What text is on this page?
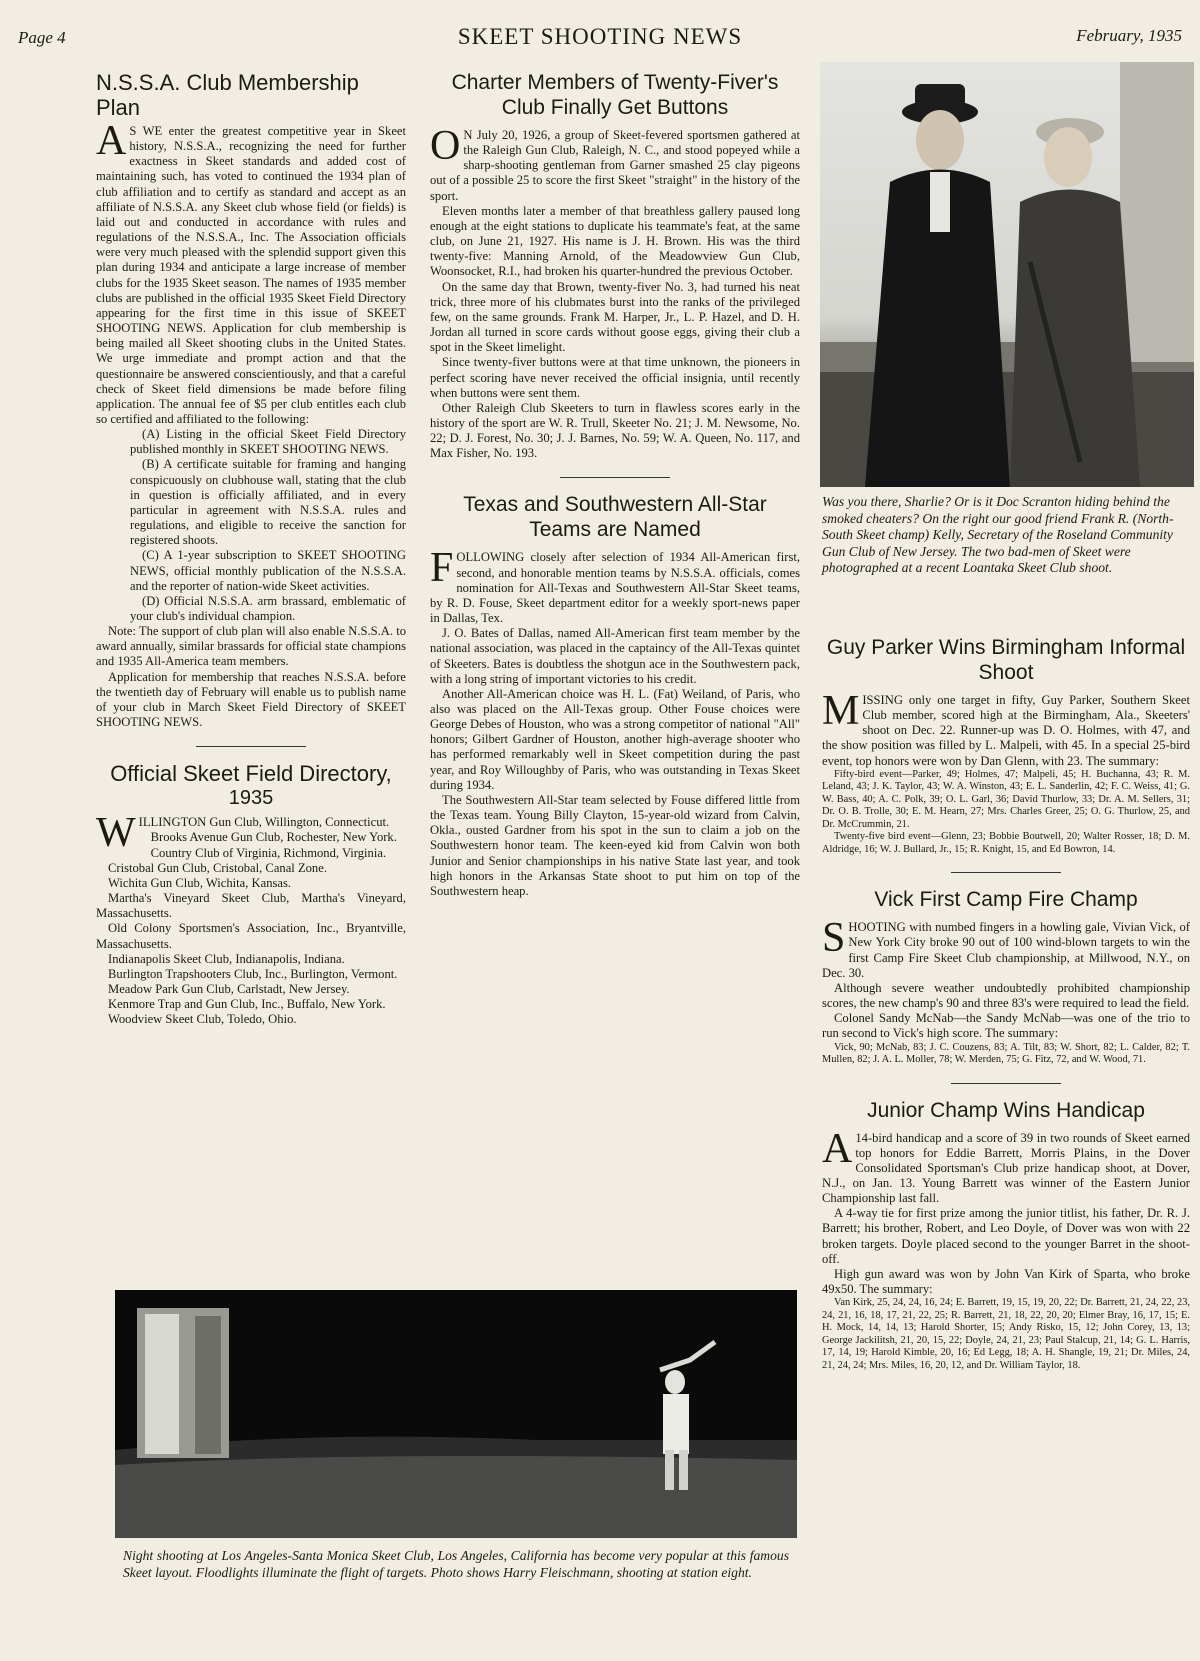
Page 4	SKEET SHOOTING NEWS	February, 1935
N.S.S.A. Club Membership Plan

A S WE enter the greatest competitive year in Skeet history, N.S.S.A., recognizing the need for further exactness in Skeet standards and added cost of maintaining such, has voted to continued the 1934 plan of club affiliation and to certify as standard and accept as an affiliate of N.S.S.A. any Skeet club whose field (or fields) is laid out and conducted in accordance with rules and regulations of the N.S.S.A., Inc. The Association officials were very much pleased with the splendid support given this plan during 1934 and anticipate a large increase of member clubs for the 1935 Skeet season. The names of 1935 member clubs are published in the official 1935 Skeet Field Directory appearing for the first time in this issue of SKEET SHOOTING NEWS. Application for club membership is being mailed all Skeet shooting clubs in the United States. We urge immediate and prompt action and that the questionnaire be answered conscientiously, and that a careful check of Skeet field dimensions be made before filing application. The annual fee of $5 per club entitles each club so certified and affiliated to the following:

(A) Listing in the official Skeet Field Directory published monthly in SKEET SHOOTING NEWS.

(B) A certificate suitable for framing and hanging conspicuously on clubhouse wall, stating that the club in question is officially affiliated, and in every particular in agreement with N.S.S.A. rules and regulations, and eligible to receive the sanction for registered shoots.

(C) A 1-year subscription to SKEET SHOOTING NEWS, official monthly publication of the N.S.S.A. and the reporter of nation-wide Skeet activities.

(D) Official N.S.S.A. arm brassard, emblematic of your club's individual champion.

Note: The support of club plan will also enable N.S.S.A. to award annually, similar brassards for official state champions and 1935 All-America team members.

Application for membership that reaches N.S.S.A. before the twentieth day of February will enable us to publish name of your club in March Skeet Field Directory of SKEET SHOOTING NEWS.

Official Skeet Field Directory,
1935

WILLINGTON Gun Club, Willington, Connecticut.

Brooks Avenue Gun Club, Rochester, New York.

Country Club of Virginia, Richmond, Virginia.

Cristobal Gun Club, Cristobal, Canal Zone.

Wichita Gun Club, Wichita, Kansas.

Martha's Vineyard Skeet Club, Martha's Vineyard, Massachusetts.

Old Colony Sportsmen's Association, Inc., Bryantville, Massachusetts.

Indianapolis Skeet Club, Indianapolis, Indiana.

Burlington Trapshooters Club, Inc., Burlington, Vermont.

Meadow Park Gun Club, Carlstadt, New Jersey.

Kenmore Trap and Gun Club, Inc., Buffalo, New York.

Woodview Skeet Club, Toledo, Ohio.

Charter Members of Twenty-Fiver's Club Finally Get Buttons

O N July 20, 1926, a group of Skeet-fevered sportsmen gathered at the Raleigh Gun Club, Raleigh, N. C., and stood popeyed while a sharp-shooting gentleman from Garner smashed 25 clay pigeons out of a possible 25 to score the first Skeet "straight" in the history of the sport.

Eleven months later a member of that breathless gallery paused long enough at the eight stations to duplicate his teammate's feat, at the same club, on June 21, 1927. His name is J. H. Brown. His was the third twenty-five: Manning Arnold, of the Meadowview Gun Club, Woonsocket, R.I., had broken his quarter-hundred the previous October.

On the same day that Brown, twenty-fiver No. 3, had turned his neat trick, three more of his clubmates burst into the ranks of the privileged few, on the same grounds. Frank M. Harper, Jr., L. P. Hazel, and D. H. Jordan all turned in score cards without goose eggs, giving their club a spot in the Skeet limelight.

Since twenty-fiver buttons were at that time unknown, the pioneers in perfect scoring have never received the official insignia, until recently when buttons were sent them.

Other Raleigh Club Skeeters to turn in flawless scores early in the history of the sport are W. R. Trull, Skeeter No. 21; J. M. Newsome, No. 22; D. J. Forest, No. 30; J. J. Barnes, No. 59; W. A. Queen, No. 117, and Max Fisher, No. 193.

Texas and Southwestern All-Star Teams are Named

FOLLOWING closely after selection of 1934 All-American first, second, and honorable mention teams by N.S.S.A. officials, comes nomination for All-Texas and Southwestern All-Star Skeet teams, by R. D. Fouse, Skeet department editor for a weekly sport-news paper in Dallas, Tex.

J. O. Bates of Dallas, named All-American first team member by the national association, was placed in the captaincy of the All-Texas quintet of Skeeters. Bates is doubtless the shotgun ace in the Southwestern pack, with a long string of important victories to his credit.

Another All-American choice was H. L. (Fat) Weiland, of Paris, who also was placed on the All-Texas group. Other Fouse choices were George Debes of Houston, who was a strong competitor of national "All" honors; Gilbert Gardner of Houston, another high-average shooter who has performed remarkably well in Skeet competition during the past year, and Roy Willoughby of Paris, who was outstanding in Texas Skeet during 1934.

The Southwestern All-Star team selected by Fouse differed little from the Texas team. Young Billy Clayton, 15-year-old wizard from Calvin, Okla., ousted Gardner from his spot in the sun to claim a job on the Southwestern honor team. The keen-eyed kid from Calvin won both Junior and Senior championships in his native State last year, and took high honors in the Arkansas State shoot to put him on top of the Southwestern heap.

Was you there, Sharlie? Or is it Doc Scranton hiding behind the smoked cheaters? On the right our good friend Frank R. (North-South Skeet champ) Kelly, Secretary of the Roseland Community Gun Club of New Jersey. The two bad-men of Skeet were photographed at a recent Loantaka Skeet Club shoot.
Guy Parker Wins Birmingham Informal Shoot

MISSING only one target in fifty, Guy Parker, Southern Skeet Club member, scored high at the Birmingham, Ala., Skeeters' shoot on Dec. 22. Runner-up was D. O. Holmes, with 47, and the show position was filled by L. Malpeli, with 45. In a special 25-bird event, top honors were won by Dan Glenn, with 23. The summary:

Fifty-bird event—Parker, 49; Holmes, 47; Malpeli, 45; H. Buchanna, 43; R. M. Leland, 43; J. K. Taylor, 43; W. A. Winston, 43; E. L. Sanderlin, 42; F. C. Weiss, 41; G. W. Bass, 40; A. C. Polk, 39; O. L. Garl, 36; David Thurlow, 33; Dr. A. M. Sellers, 31; Dr. O. B. Trolle, 30; E. M. Hearn, 27; Mrs. Charles Greer, 25; O. G. Thurlow, 25, and Dr. McCrummin, 21.

Twenty-five bird event—Glenn, 23; Bobbie Boutwell, 20; Walter Rosser, 18; D. M. Aldridge, 16; W. J. Bullard, Jr., 15; R. Knight, 15, and Ed Bowron, 14.

Vick First Camp Fire Champ

SHOOTING with numbed fingers in a howling gale, Vivian Vick, of New York City broke 90 out of 100 wind-blown targets to win the first Camp Fire Skeet Club championship, at Millwood, N.Y., on Dec. 30.

Although severe weather undoubtedly prohibited championship scores, the new champ's 90 and three 83's were required to lead the field.

Colonel Sandy McNab—the Sandy McNab—was one of the trio to run second to Vick's high score. The summary:

Vick, 90; McNab, 83; J. C. Couzens, 83; A. Tilt, 83; W. Short, 82; L. Calder, 82; T. Mullen, 82; J. A. L. Moller, 78; W. Merden, 75; G. Fitz, 72, and W. Wood, 71.

Junior Champ Wins Handicap

A 14-bird handicap and a score of 39 in two rounds of Skeet earned top honors for Eddie Barrett, Morris Plains, in the Dover Consolidated Sportsman's Club prize handicap shoot, at Dover, N.J., on Jan. 13. Young Barrett was winner of the Eastern Junior Championship last fall.

A 4-way tie for first prize among the junior titlist, his father, Dr. R. J. Barrett; his brother, Robert, and Leo Doyle, of Dover was won with 22 broken targets. Doyle placed second to the younger Barret in the shoot-off.

High gun award was won by John Van Kirk of Sparta, who broke 49x50. The summary:

Van Kirk, 25, 24, 24, 16, 24; E. Barrett, 19, 15, 19, 20, 22; Dr. Barrett, 21, 24, 22, 23, 24, 21, 16, 18, 17, 21, 22, 25; R. Barrett, 21, 18, 22, 20, 20; Elmer Bray, 16, 17, 15; E. H. Mock, 14, 14, 13; Harold Shorter, 15; Andy Risko, 15, 12; John Corey, 13, 13; George Jackilitsh, 21, 20, 15, 22; Doyle, 24, 21, 23; Paul Stalcup, 21, 14; G. L. Harris, 17, 14, 19; Harold Kimble, 20, 16; Ed Legg, 18; A. H. Shangle, 19, 21; Dr. Miles, 24, 21, 24, 24; Mrs. Miles, 16, 20, 12, and Dr. William Taylor, 18.

Night shooting at Los Angeles-Santa Monica Skeet Club, Los Angeles, California has become very popular at this famous Skeet layout. Floodlights illuminate the flight of targets. Photo shows Harry Fleischmann, shooting at station eight.
